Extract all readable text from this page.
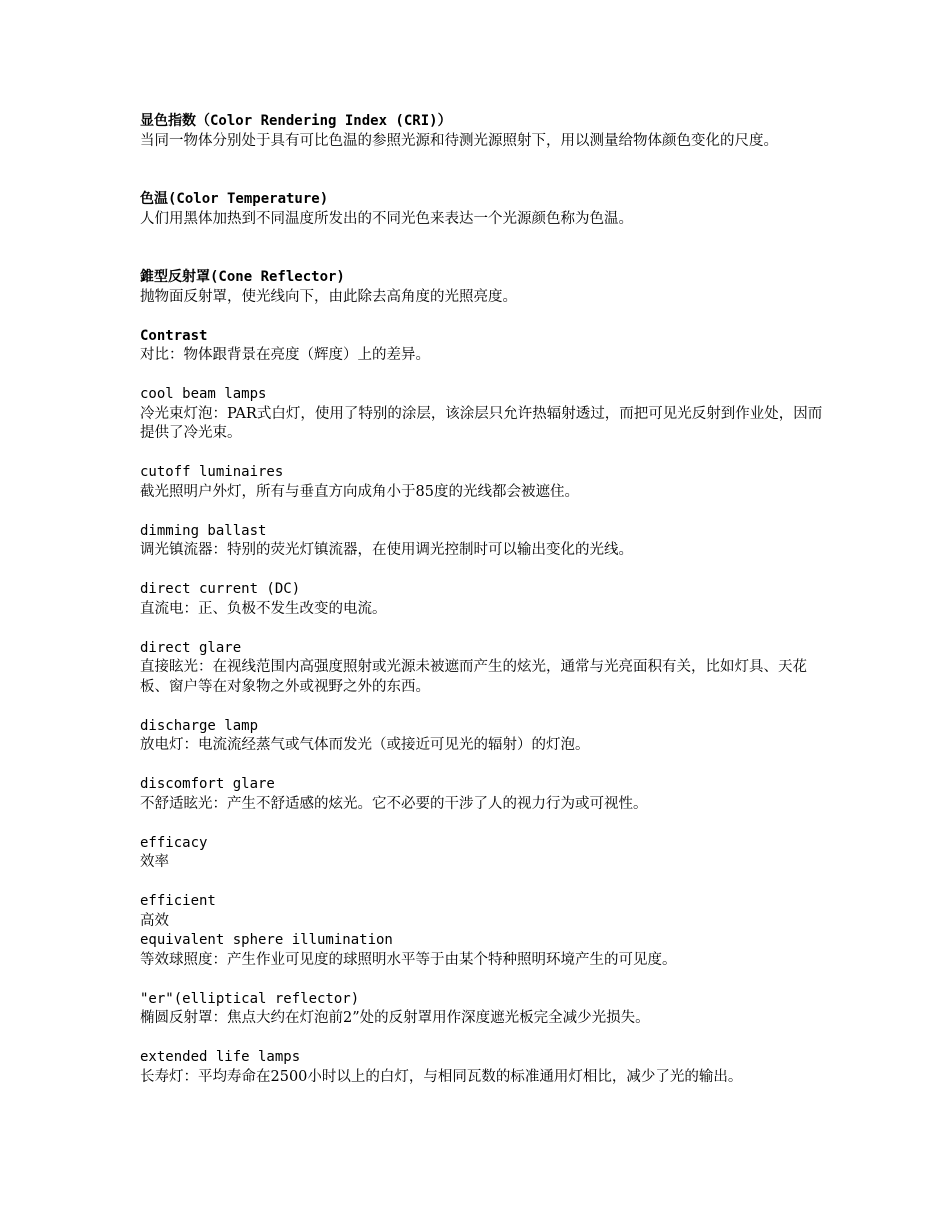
显色指数（Color Rendering Index (CRI)）

当同一物体分别处于具有可比色温的参照光源和待测光源照射下，用以测量给物体颜色变化的尺度。

色温(Color Temperature)

人们用黑体加热到不同温度所发出的不同光色来表达一个光源颜色称为色温。

錐型反射罩(Cone Reflector)

抛物面反射罩，使光线向下，由此除去高角度的光照亮度。

Contrast

对比：物体跟背景在亮度（辉度）上的差异。

cool beam lamps

冷光束灯泡：PAR式白灯，使用了特别的涂层，该涂层只允许热辐射透过，而把可见光反射到作业处，因而提供了冷光束。

cutoff luminaires

截光照明户外灯，所有与垂直方向成角小于85度的光线都会被遮住。

dimming ballast

调光镇流器：特别的荧光灯镇流器，在使用调光控制时可以输出变化的光线。

direct current (DC)

直流电：正、负极不发生改变的电流。

direct glare

直接眩光：在视线范围内高强度照射或光源未被遮而产生的炫光，通常与光亮面积有关，比如灯具、天花板、窗户等在对象物之外或视野之外的东西。

discharge lamp

放电灯：电流流经蒸气或气体而发光（或接近可见光的辐射）的灯泡。

discomfort glare

不舒适眩光：产生不舒适感的炫光。它不必要的干涉了人的视力行为或可视性。

efficacy

效率

efficient

高效

equivalent sphere illumination

等效球照度：产生作业可见度的球照明水平等于由某个特种照明环境产生的可见度。

"er"(elliptical reflector)

椭圆反射罩：焦点大约在灯泡前2”处的反射罩用作深度遮光板完全减少光损失。

extended life lamps

长寿灯：平均寿命在2500小时以上的白灯，与相同瓦数的标准通用灯相比，减少了光的输出。
